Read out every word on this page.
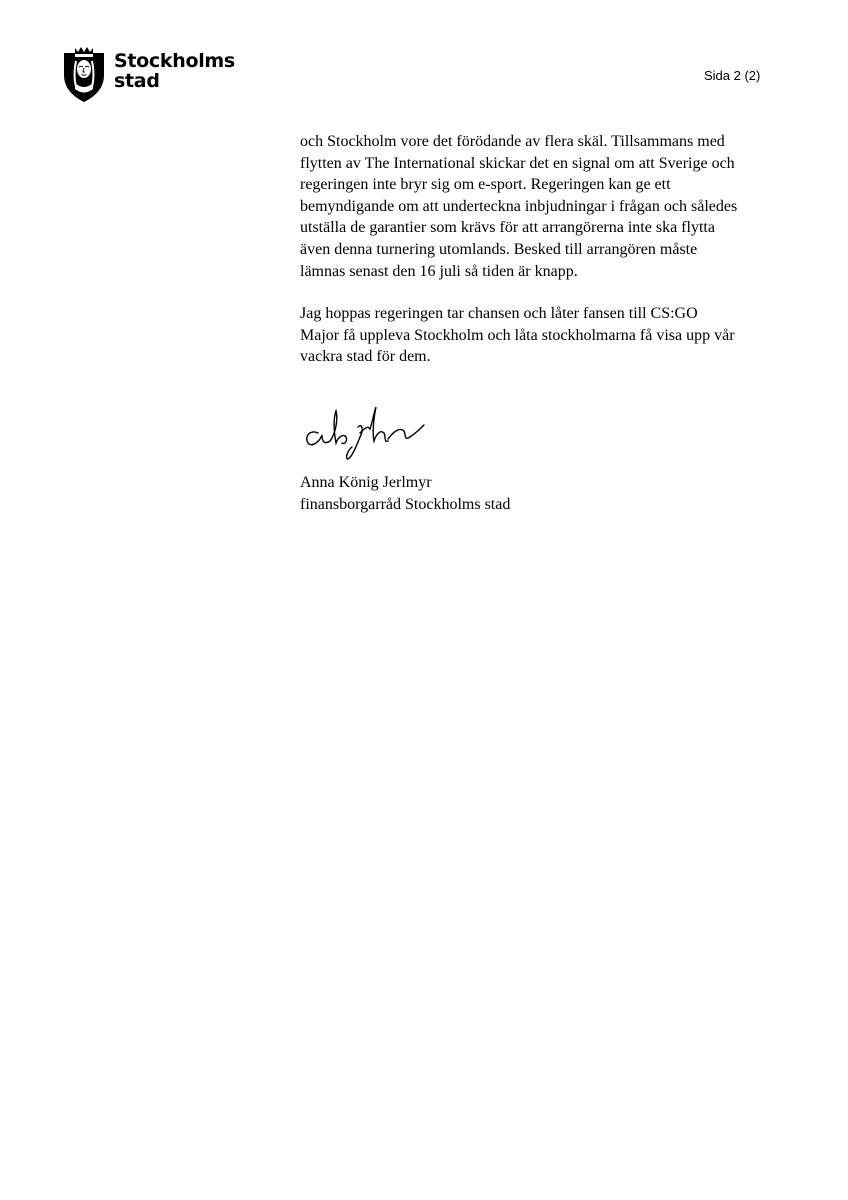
Stockholms
stad	Sida 2 (2)

och Stockholm vore det förödande av flera skäl. Tillsammans med
flytten av The International skickar det en signal om att Sverige och
regeringen inte bryr sig om e-sport. Regeringen kan ge ett
bemyndigande om att underteckna inbjudningar i frågan och således
utställa de garantier som krävs för att arrangörerna inte ska flytta
även denna turnering utomlands. Besked till arrangören måste
lämnas senast den 16 juli så tiden är knapp.

Jag hoppas regeringen tar chansen och låter fansen till CS:GO
Major få uppleva Stockholm och låta stockholmarna få visa upp vår
vackra stad för dem.

Anna König Jerlmyr
finansborgarråd Stockholms stad
